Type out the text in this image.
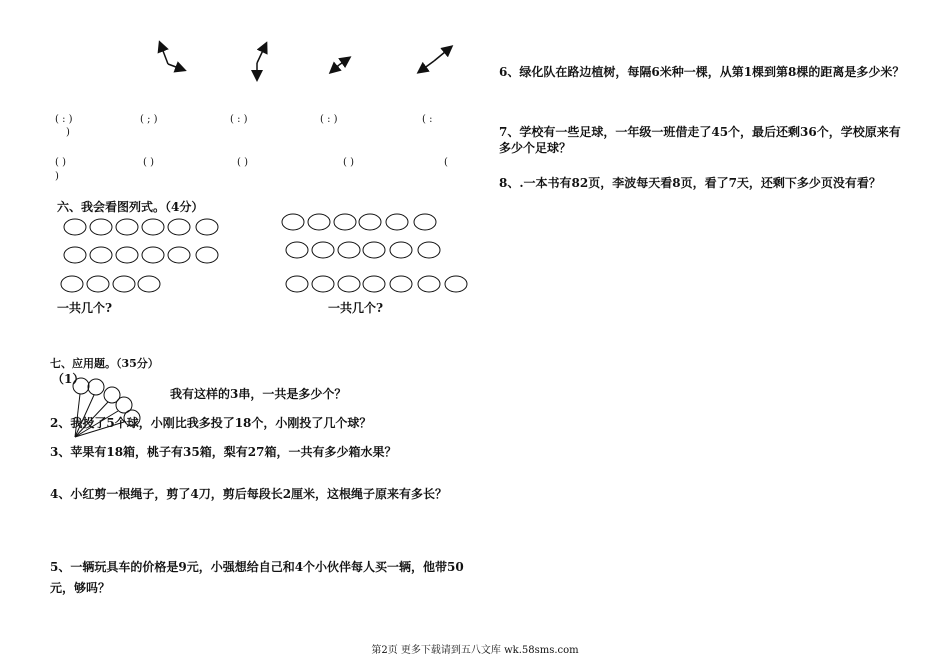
( : )	( ; )	( : )	( : )	( :
)
( )	( )	( )	( )	(
)
六、我会看图列式。（4分）
一共几个?	一共几个?
七、应用题。（35分）
（1）
我有这样的3串，一共是多少个？
2、我投了5个球，小刚比我多投了18个，小刚投了几个球？
3、苹果有18箱，桃子有35箱，梨有27箱，一共有多少箱水果？
4、小红剪一根绳子，剪了4刀，剪后每段长2厘米，这根绳子原来有多长？
5、一辆玩具车的价格是9元，小强想给自己和4个小伙伴每人买一辆，他带50元，够吗？
6、绿化队在路边植树，每隔6米种一棵，从第1棵到第8棵的距离是多少米？
7、学校有一些足球，一年级一班借走了45个，最后还剩36个，学校原来有多少个足球？
8、.一本书有82页，李波每天看8页，看了7天，还剩下多少页没有看？
第2页 更多下载请到五八文库 wk.58sms.com
